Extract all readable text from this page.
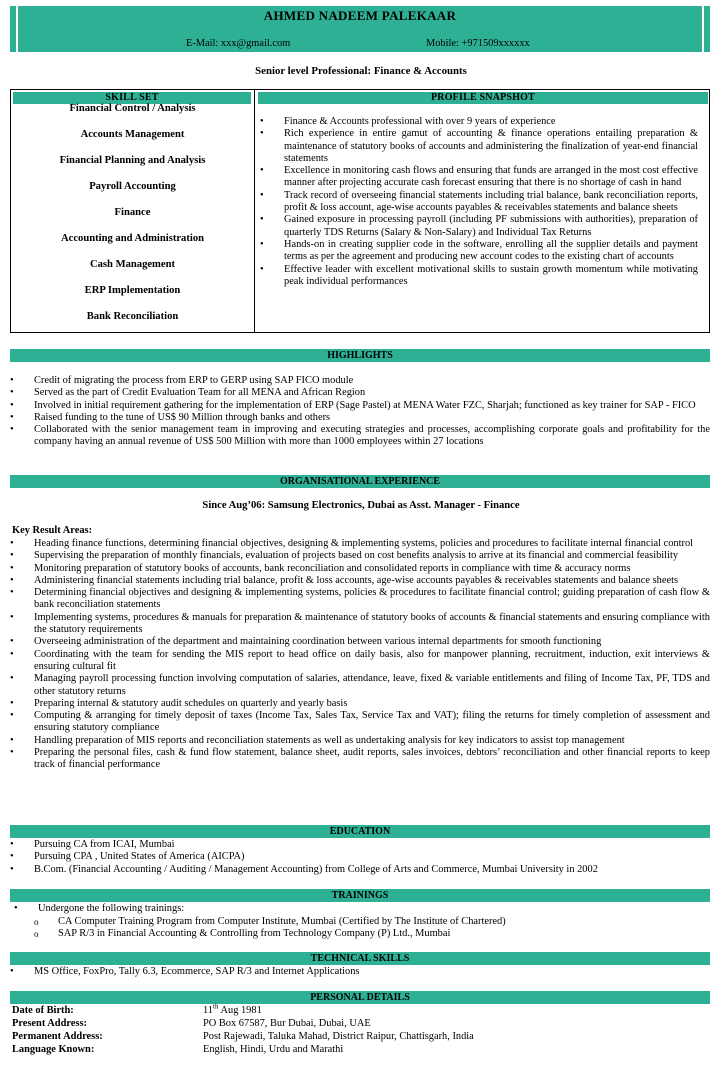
AHMED NADEEM PALEKAAR
E-Mail: xxx@gmail.com	Mobile: +971509xxxxxx
Senior level Professional: Finance & Accounts
SKILL SET	PROFILE SNAPSHOT
Financial Control / Analysis
Accounts Management
Financial Planning and Analysis
Payroll Accounting
Finance
Accounting and Administration
Cash Management
ERP Implementation
Bank Reconciliation
• Finance & Accounts professional with over 9 years of experience
• Rich experience in entire gamut of accounting & finance operations entailing preparation & maintenance of statutory books of accounts and administering the finalization of year-end financial statements
• Excellence in monitoring cash flows and ensuring that funds are arranged in the most cost effective manner after projecting accurate cash forecast ensuring that there is no shortage of cash in hand
• Track record of overseeing financial statements including trial balance, bank reconciliation reports, profit & loss account, age-wise accounts payables & receivables statements and balance sheets
• Gained exposure in processing payroll (including PF submissions with authorities), preparation of quarterly TDS Returns (Salary & Non-Salary) and Individual Tax Returns
• Hands-on in creating supplier code in the software, enrolling all the supplier details and payment terms as per the agreement and producing new account codes to the existing chart of accounts
• Effective leader with excellent motivational skills to sustain growth momentum while motivating peak individual performances
HIGHLIGHTS
• Credit of migrating the process from ERP to GERP using SAP FICO module
• Served as the part of Credit Evaluation Team for all MENA and African Region
• Involved in initial requirement gathering for the implementation of ERP (Sage Pastel) at MENA Water FZC, Sharjah; functioned as key trainer for SAP - FICO
• Raised funding to the tune of US$ 90 Million through banks and others
• Collaborated with the senior management team in improving and executing strategies and processes, accomplishing corporate goals and profitability for the company having an annual revenue of US$ 500 Million with more than 1000 employees within 27 locations
ORGANISATIONAL EXPERIENCE
Since Aug’06: Samsung Electronics, Dubai as Asst. Manager - Finance
Key Result Areas:
• Heading finance functions, determining financial objectives, designing & implementing systems, policies and procedures to facilitate internal financial control
• Supervising the preparation of monthly financials, evaluation of projects based on cost benefits analysis to arrive at its financial and commercial feasibility
• Monitoring preparation of statutory books of accounts, bank reconciliation and consolidated reports in compliance with time & accuracy norms
• Administering financial statements including trial balance, profit & loss accounts, age-wise accounts payables & receivables statements and balance sheets
• Determining financial objectives and designing & implementing systems, policies & procedures to facilitate financial control; guiding preparation of cash flow & bank reconciliation statements
• Implementing systems, procedures & manuals for preparation & maintenance of statutory books of accounts & financial statements and ensuring compliance with the statutory requirements
• Overseeing administration of the department and maintaining coordination between various internal departments for smooth functioning
• Coordinating with the team for sending the MIS report to head office on daily basis, also for manpower planning, recruitment, induction, exit interviews & ensuring cultural fit
• Managing payroll processing function involving computation of salaries, attendance, leave, fixed & variable entitlements and filing of Income Tax, PF, TDS and other statutory returns
• Preparing internal & statutory audit schedules on quarterly and yearly basis
• Computing & arranging for timely deposit of taxes (Income Tax, Sales Tax, Service Tax and VAT); filing the returns for timely completion of assessment and ensuring statutory compliance
• Handling preparation of MIS reports and reconciliation statements as well as undertaking analysis for key indicators to assist top management
• Preparing the personal files, cash & fund flow statement, balance sheet, audit reports, sales invoices, debtors’ reconciliation and other financial reports to keep track of financial performance
EDUCATION
• Pursuing CA from ICAI, Mumbai
• Pursuing CPA , United States of America (AICPA)
• B.Com. (Financial Accounting / Auditing / Management Accounting) from College of Arts and Commerce, Mumbai University in 2002
TRAININGS
• Undergone the following trainings:
o CA Computer Training Program from Computer Institute, Mumbai (Certified by The Institute of Chartered)
o SAP R/3 in Financial Accounting & Controlling from Technology Company (P) Ltd., Mumbai
TECHNICAL SKILLS
• MS Office, FoxPro, Tally 6.3, Ecommerce, SAP R/3 and Internet Applications
PERSONAL DETAILS
Date of Birth:	11th Aug 1981
Present Address:	PO Box 67587, Bur Dubai, Dubai, UAE
Permanent Address:	Post Rajewadi, Taluka Mahad, District Raipur, Chattisgarh, India
Language Known:	English, Hindi, Urdu and Marathi
